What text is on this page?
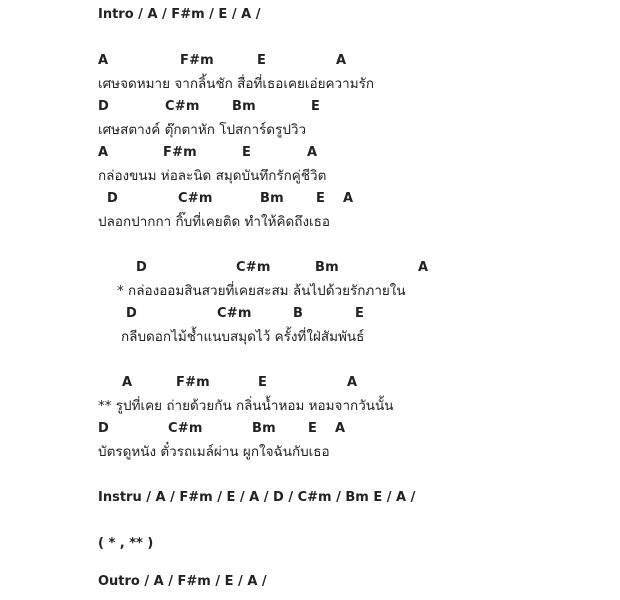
Intro / A / F#m / E / A /
A	F#m	E	A
เศษจดหมาย จากลิ้นชัก สื่อที่เธอเคยเอ่ยความรัก
D	C#m Bm	E
เศษสตางค์ ตุ๊กตาหัก โปสการ์ดรูปวิว
A	F#m	E	A
กล่องขนม ห่อละนิด สมุดบันทึกรักคู่ชีวิต
D	C#m	Bm E A
ปลอกปากกา กิ๊บที่เคยติด ทำให้คิดถึงเธอ
D	C#m	Bm	A
* กล่องออมสินสวยที่เคยสะสม ล้นไปด้วยรักภายใน
D	C#m	B	E
กลีบดอกไม้ช้ำแนบสมุดไว้ ครั้งที่ใฝ่สัมพันธ์
A	F#m	E	A
** รูปที่เคย ถ่ายด้วยกัน กลิ่นน้ำหอม หอมจากวันนั้น
D	C#m	Bm E A
บัตรดูหนัง ตั๋วรถเมล์ผ่าน ผูกใจฉันกับเธอ
Instru / A / F#m / E / A / D / C#m / Bm E / A /
( * , ** )
Outro / A / F#m / E / A /
